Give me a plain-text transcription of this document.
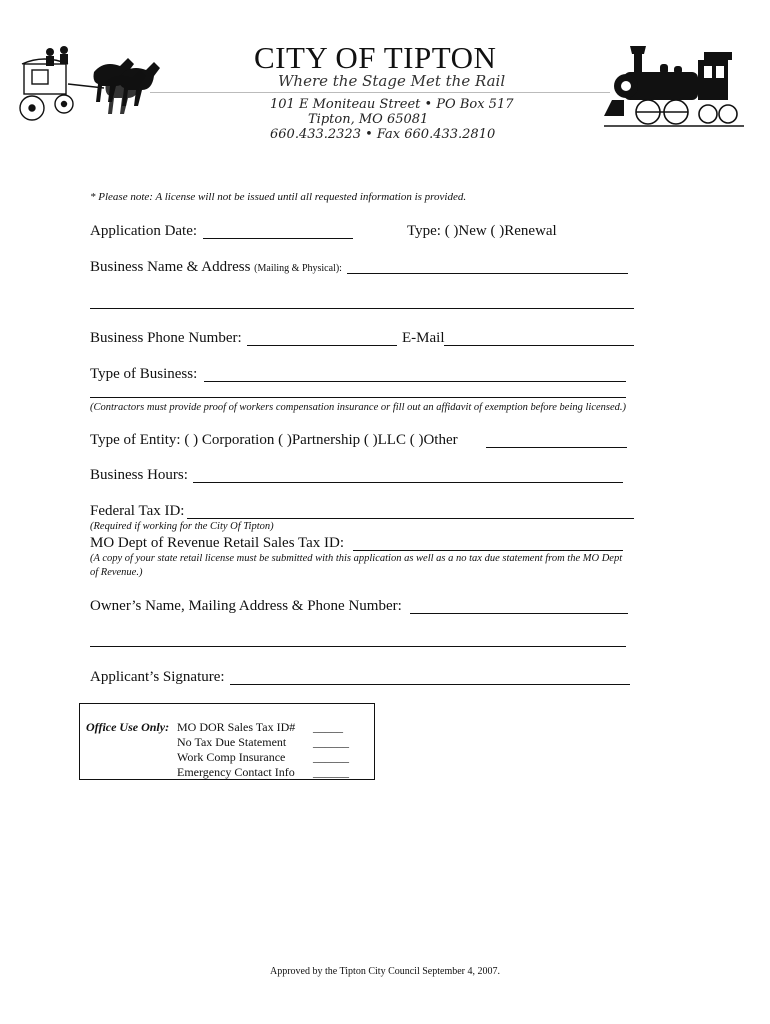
CITY OF TIPTON
Where the Stage Met the Rail
101 E Moniteau Street • PO Box 517
Tipton, MO 65081
660.433.2323 • Fax 660.433.2810
* Please note: A license will not be issued until all requested information is provided.
Application Date:	Type: ( )New ( )Renewal
Business Name & Address (Mailing & Physical):
Business Phone Number:	E-Mail
Type of Business:
(Contractors must provide proof of workers compensation insurance or fill out an affidavit of exemption before being licensed.)
Type of Entity: ( ) Corporation ( )Partnership ( )LLC ( )Other
Business Hours:
Federal Tax ID:
(Required if working for the City Of Tipton)
MO Dept of Revenue Retail Sales Tax ID:
(A copy of your state retail license must be submitted with this application as well as a no tax due statement from the MO Dept
of Revenue.)
Owner’s Name, Mailing Address & Phone Number:
Applicant’s Signature:
Office Use Only: MO DOR Sales Tax ID# _____
No Tax Due Statement ______
Work Comp Insurance ______
Emergency Contact Info ______
Approved by the Tipton City Council September 4, 2007.
